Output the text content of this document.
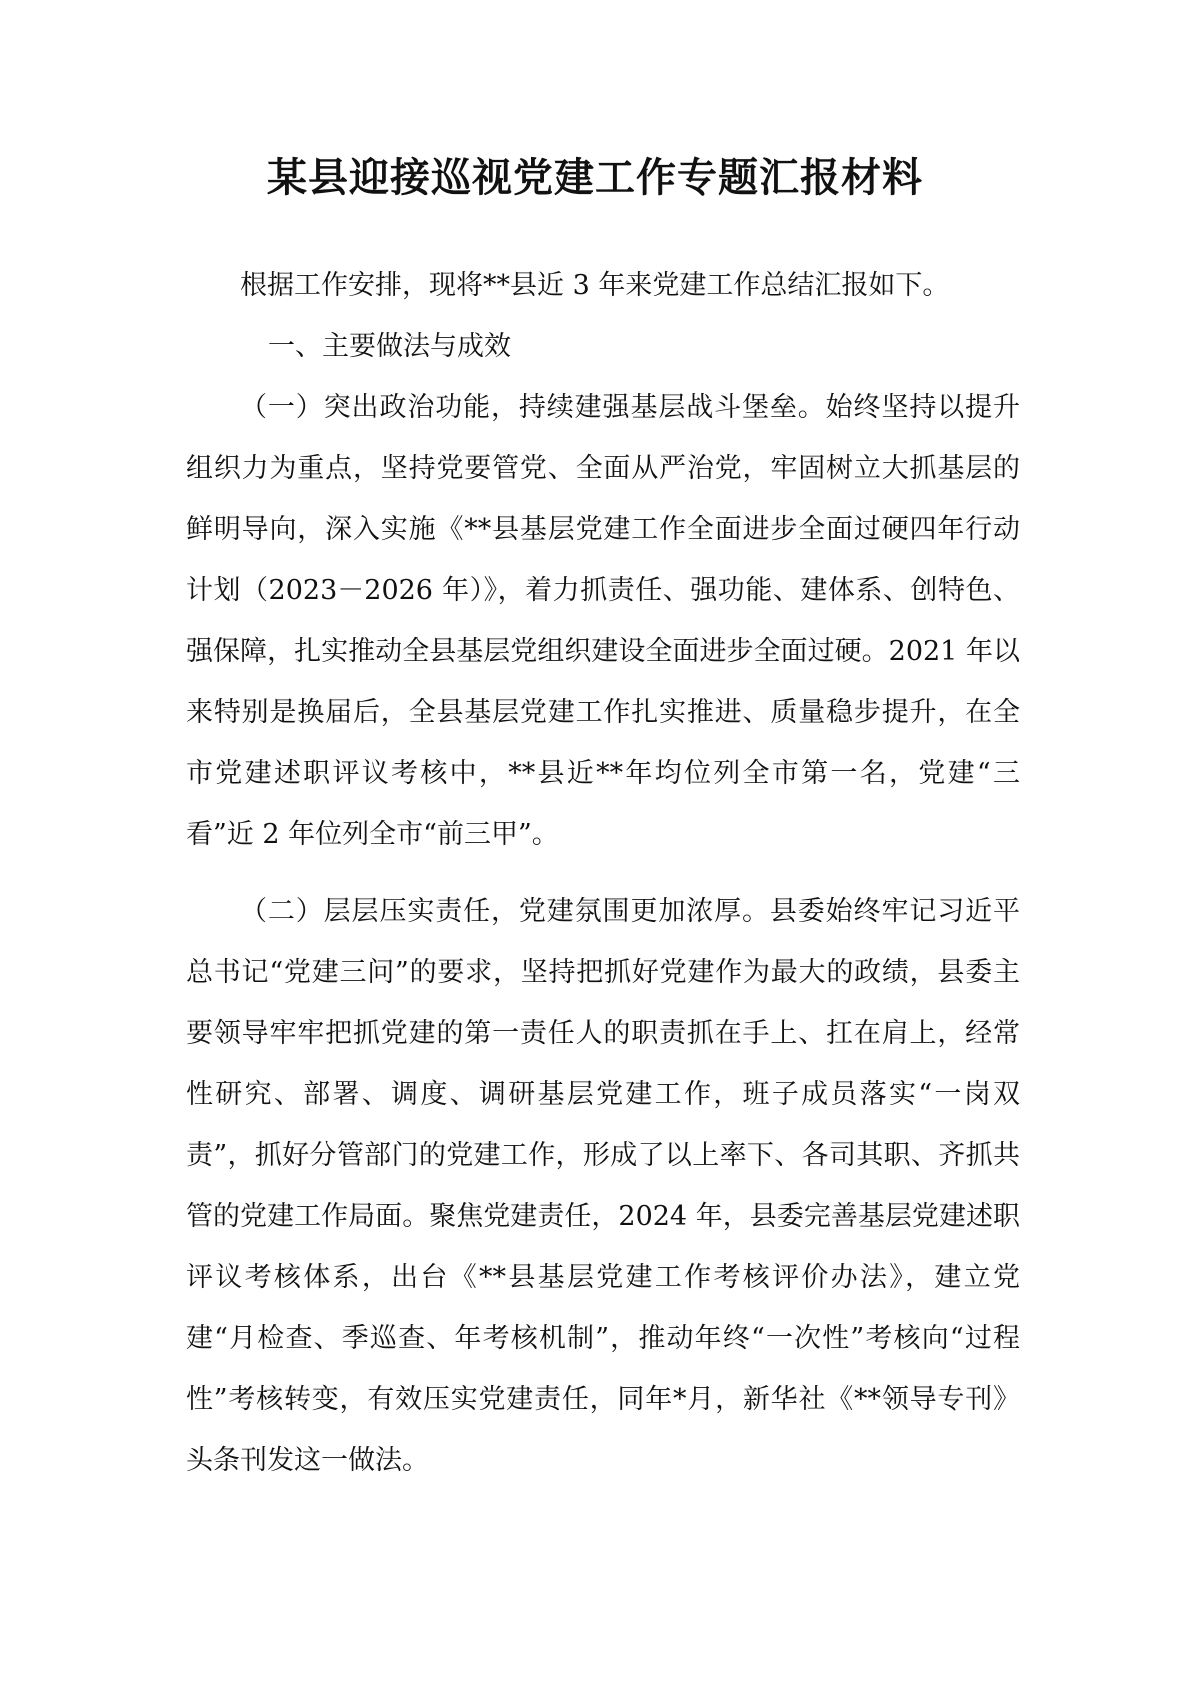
某县迎接巡视党建工作专题汇报材料

根据工作安排，现将**县近 3 年来党建工作总结汇报如下。

一、主要做法与成效

（一）突出政治功能，持续建强基层战斗堡垒。始终坚持以提升组织力为重点，坚持党要管党、全面从严治党，牢固树立大抓基层的鲜明导向，深入实施《**县基层党建工作全面进步全面过硬四年行动计划（2023－2026 年）》，着力抓责任、强功能、建体系、创特色、强保障，扎实推动全县基层党组织建设全面进步全面过硬。2021 年以来特别是换届后，全县基层党建工作扎实推进、质量稳步提升，在全市党建述职评议考核中，**县近**年均位列全市第一名，党建“三看”近 2 年位列全市“前三甲”。

（二）层层压实责任，党建氛围更加浓厚。县委始终牢记习近平总书记“党建三问”的要求，坚持把抓好党建作为最大的政绩，县委主要领导牢牢把抓党建的第一责任人的职责抓在手上、扛在肩上，经常性研究、部署、调度、调研基层党建工作，班子成员落实“一岗双责”，抓好分管部门的党建工作，形成了以上率下、各司其职、齐抓共管的党建工作局面。聚焦党建责任，2024 年，县委完善基层党建述职评议考核体系，出台《**县基层党建工作考核评价办法》，建立党建“月检查、季巡查、年考核机制”，推动年终“一次性”考核向“过程性”考核转变，有效压实党建责任，同年*月，新华社《**领导专刊》头条刊发这一做法。
